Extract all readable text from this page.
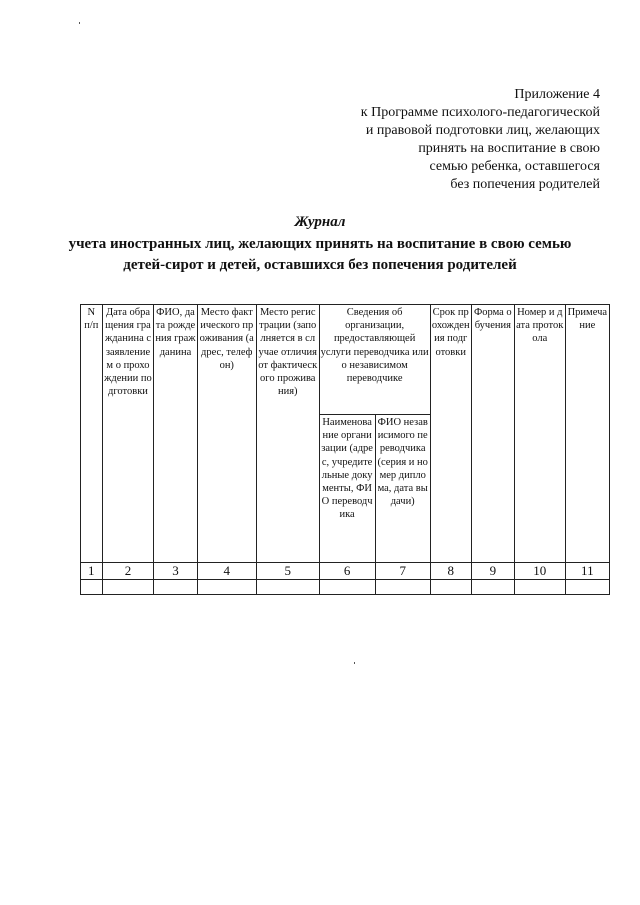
Приложение 4
к Программе психолого-педагогической
и правовой подготовки лиц, желающих
принять на воспитание в свою
семью ребенка, оставшегося
без попечения родителей
Журнал
учета иностранных лиц, желающих принять на воспитание в свою семью
детей-сирот и детей, оставшихся без попечения родителей
N п/п	Дата обращения гражданина с заявлением о прохождении подготовки	ФИО, дата рождения гражданина	Место фактического проживания (адрес, телефон)	Место регистрации (заполняется в случае отличия от фактического проживания)	Сведения об организации, предоставляющей услуги переводчика или о независимом переводчике		Срок прохождения подготовки	Форма обучения	Номер и дата протокола	Примечание
					Наименование организации (адрес, учредительные документы, ФИО переводчика	ФИО независимого переводчика (серия и номер диплома, дата выдачи)				
1	2	3	4	5	6	7	8	9	10	11
